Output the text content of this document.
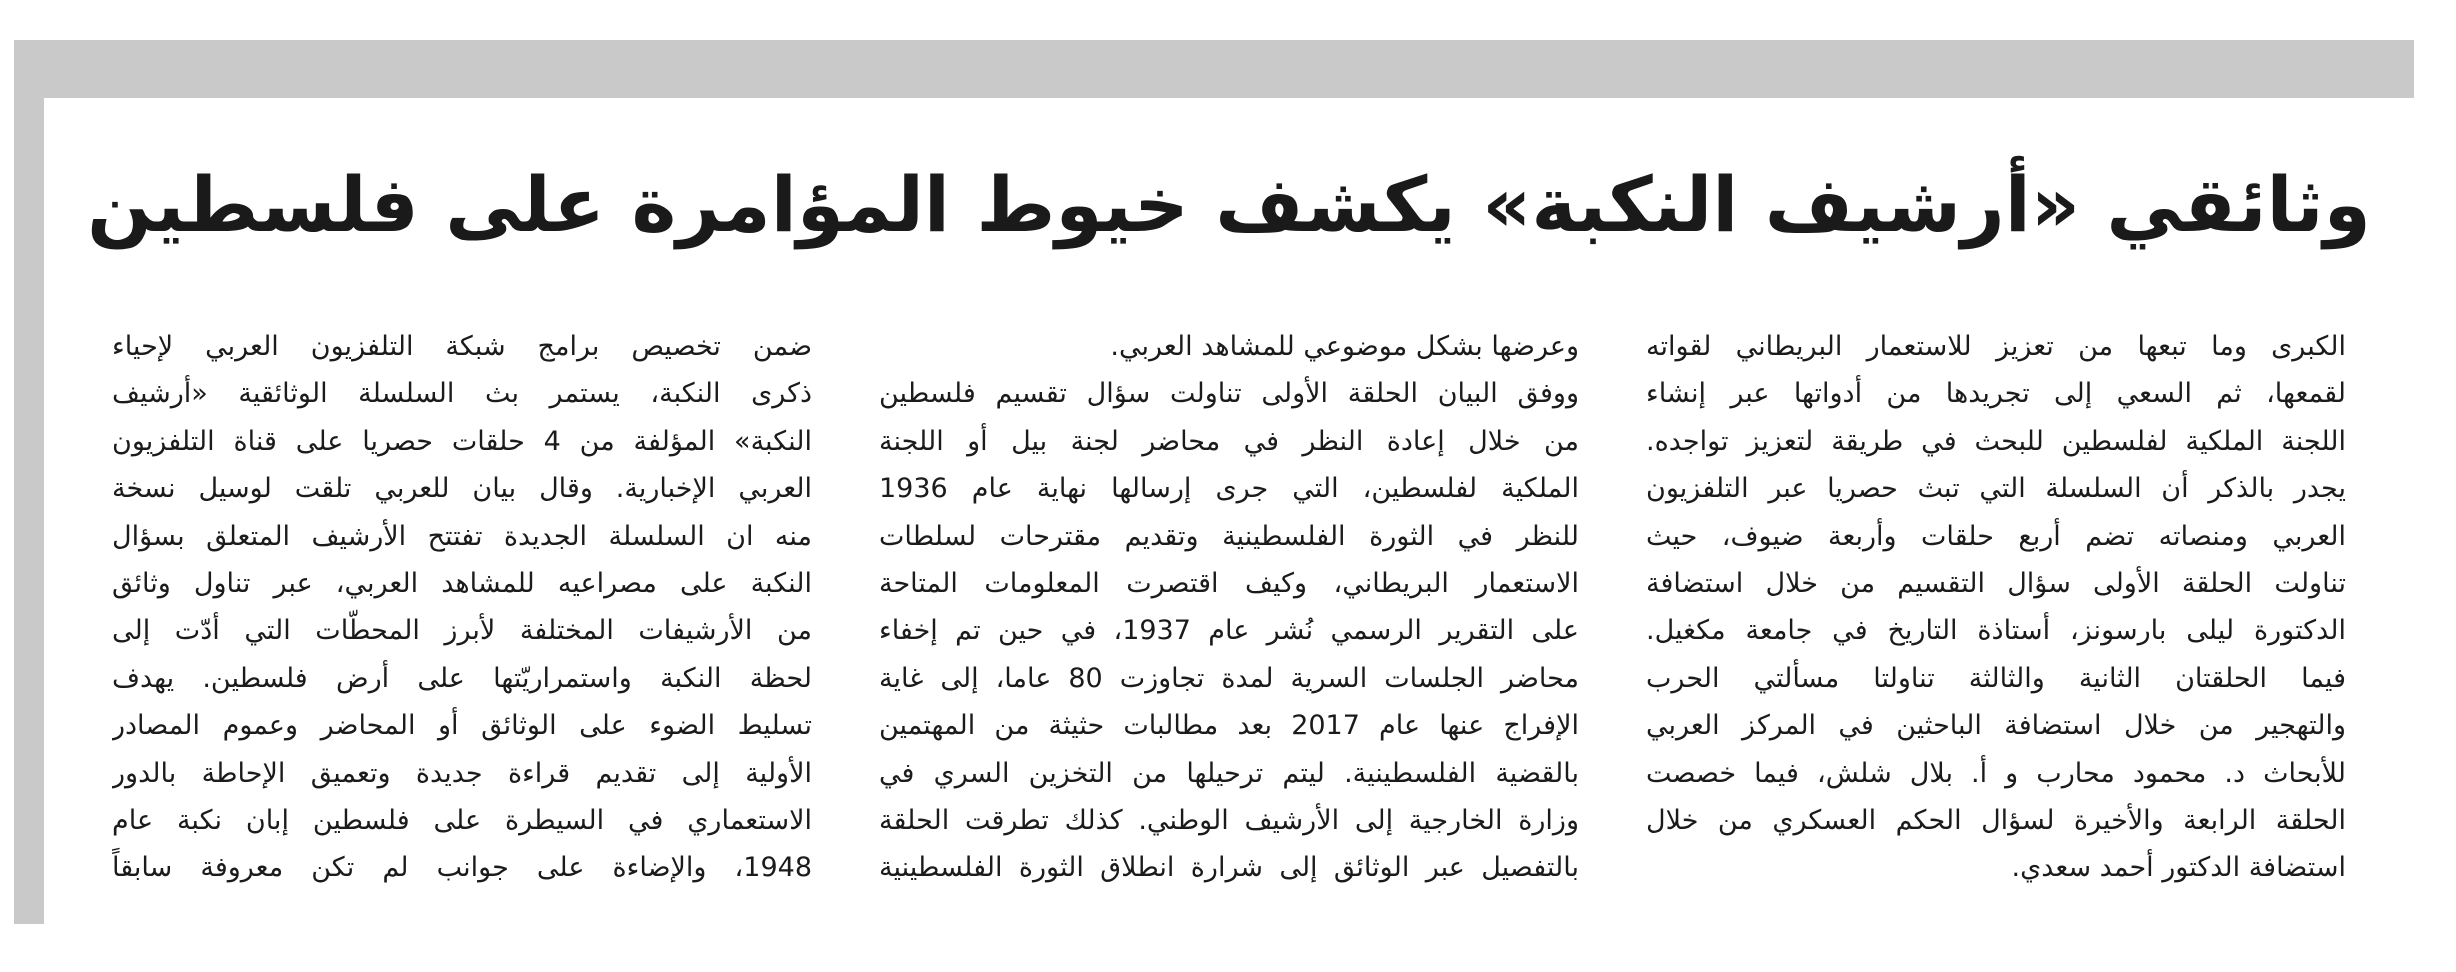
وثائقي «أرشيف النكبة» يكشف خيوط المؤامرة على فلسطين
ضمن تخصيص برامج شبكة التلفزيون العربي لإحياء
ذكرى النكبة، يستمر بث السلسلة الوثائقية «أرشيف
النكبة» المؤلفة من 4 حلقات حصريا على قناة التلفزيون
العربي الإخبارية. وقال بيان للعربي تلقت لوسيل نسخة
منه ان السلسلة الجديدة تفتتح الأرشيف المتعلق بسؤال
النكبة على مصراعيه للمشاهد العربي، عبر تناول وثائق
من الأرشيفات المختلفة لأبرز المحطّات التي أدّت إلى
لحظة النكبة واستمراريّتها على أرض فلسطين. يهدف
تسليط الضوء على الوثائق أو المحاضر وعموم المصادر
الأولية إلى تقديم قراءة جديدة وتعميق الإحاطة بالدور
الاستعماري في السيطرة على فلسطين إبان نكبة عام
1948، والإضاءة على جوانب لم تكن معروفة سابقاً
وعرضها بشكل موضوعي للمشاهد العربي.
ووفق البيان الحلقة الأولى تناولت سؤال تقسيم فلسطين
من خلال إعادة النظر في محاضر لجنة بيل أو اللجنة
الملكية لفلسطين، التي جرى إرسالها نهاية عام 1936
للنظر في الثورة الفلسطينية وتقديم مقترحات لسلطات
الاستعمار البريطاني، وكيف اقتصرت المعلومات المتاحة
على التقرير الرسمي نُشر عام 1937، في حين تم إخفاء
محاضر الجلسات السرية لمدة تجاوزت 80 عاما، إلى غاية
الإفراج عنها عام 2017 بعد مطالبات حثيثة من المهتمين
بالقضية الفلسطينية. ليتم ترحيلها من التخزين السري في
وزارة الخارجية إلى الأرشيف الوطني. كذلك تطرقت الحلقة
بالتفصيل عبر الوثائق إلى شرارة انطلاق الثورة الفلسطينية
الكبرى وما تبعها من تعزيز للاستعمار البريطاني لقواته
لقمعها، ثم السعي إلى تجريدها من أدواتها عبر إنشاء
اللجنة الملكية لفلسطين للبحث في طريقة لتعزيز تواجده.
يجدر بالذكر أن السلسلة التي تبث حصريا عبر التلفزيون
العربي ومنصاته تضم أربع حلقات وأربعة ضيوف، حيث
تناولت الحلقة الأولى سؤال التقسيم من خلال استضافة
الدكتورة ليلى بارسونز، أستاذة التاريخ في جامعة مكغيل.
فيما الحلقتان الثانية والثالثة تناولتا مسألتي الحرب
والتهجير من خلال استضافة الباحثين في المركز العربي
للأبحاث د. محمود محارب و أ. بلال شلش، فيما خصصت
الحلقة الرابعة والأخيرة لسؤال الحكم العسكري من خلال
استضافة الدكتور أحمد سعدي.
